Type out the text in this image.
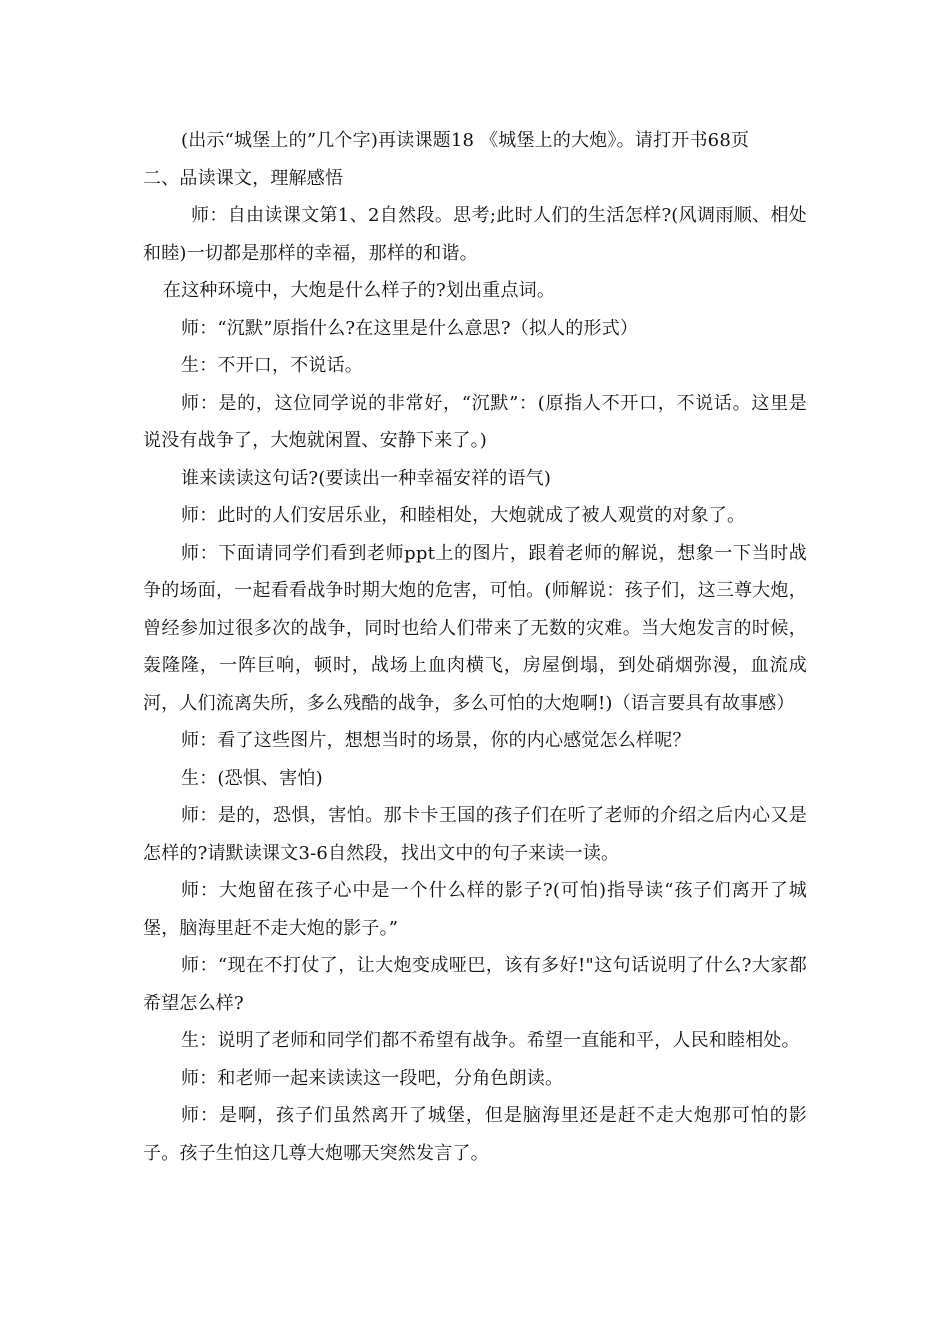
(出示“城堡上的”几个字)再读课题18 《城堡上的大炮》。请打开书68页

二、品读课文，理解感悟

师：自由读课文第1、2自然段。思考;此时人们的生活怎样?(风调雨顺、相处和睦)一切都是那样的幸福，那样的和谐。

在这种环境中，大炮是什么样子的?划出重点词。

师：“沉默”原指什么?在这里是什么意思?（拟人的形式）

生：不开口，不说话。

师：是的，这位同学说的非常好，“沉默”：(原指人不开口，不说话。这里是说没有战争了，大炮就闲置、安静下来了。)

谁来读读这句话?(要读出一种幸福安祥的语气)

师：此时的人们安居乐业，和睦相处，大炮就成了被人观赏的对象了。

师：下面请同学们看到老师ppt上的图片，跟着老师的解说，想象一下当时战争的场面，一起看看战争时期大炮的危害，可怕。(师解说：孩子们，这三尊大炮，曾经参加过很多次的战争，同时也给人们带来了无数的灾难。当大炮发言的时候，轰隆隆，一阵巨响，顿时，战场上血肉横飞，房屋倒塌，到处硝烟弥漫，血流成河，人们流离失所，多么残酷的战争，多么可怕的大炮啊!)（语言要具有故事感）

师：看了这些图片，想想当时的场景，你的内心感觉怎么样呢？

生：(恐惧、害怕)

师：是的，恐惧，害怕。那卡卡王国的孩子们在听了老师的介绍之后内心又是怎样的?请默读课文3-6自然段，找出文中的句子来读一读。

师：大炮留在孩子心中是一个什么样的影子?(可怕)指导读“孩子们离开了城堡，脑海里赶不走大炮的影子。”

师：“现在不打仗了，让大炮变成哑巴，该有多好!"这句话说明了什么?大家都希望怎么样?

生：说明了老师和同学们都不希望有战争。希望一直能和平，人民和睦相处。

师：和老师一起来读读这一段吧，分角色朗读。

师：是啊，孩子们虽然离开了城堡，但是脑海里还是赶不走大炮那可怕的影子。孩子生怕这几尊大炮哪天突然发言了。
